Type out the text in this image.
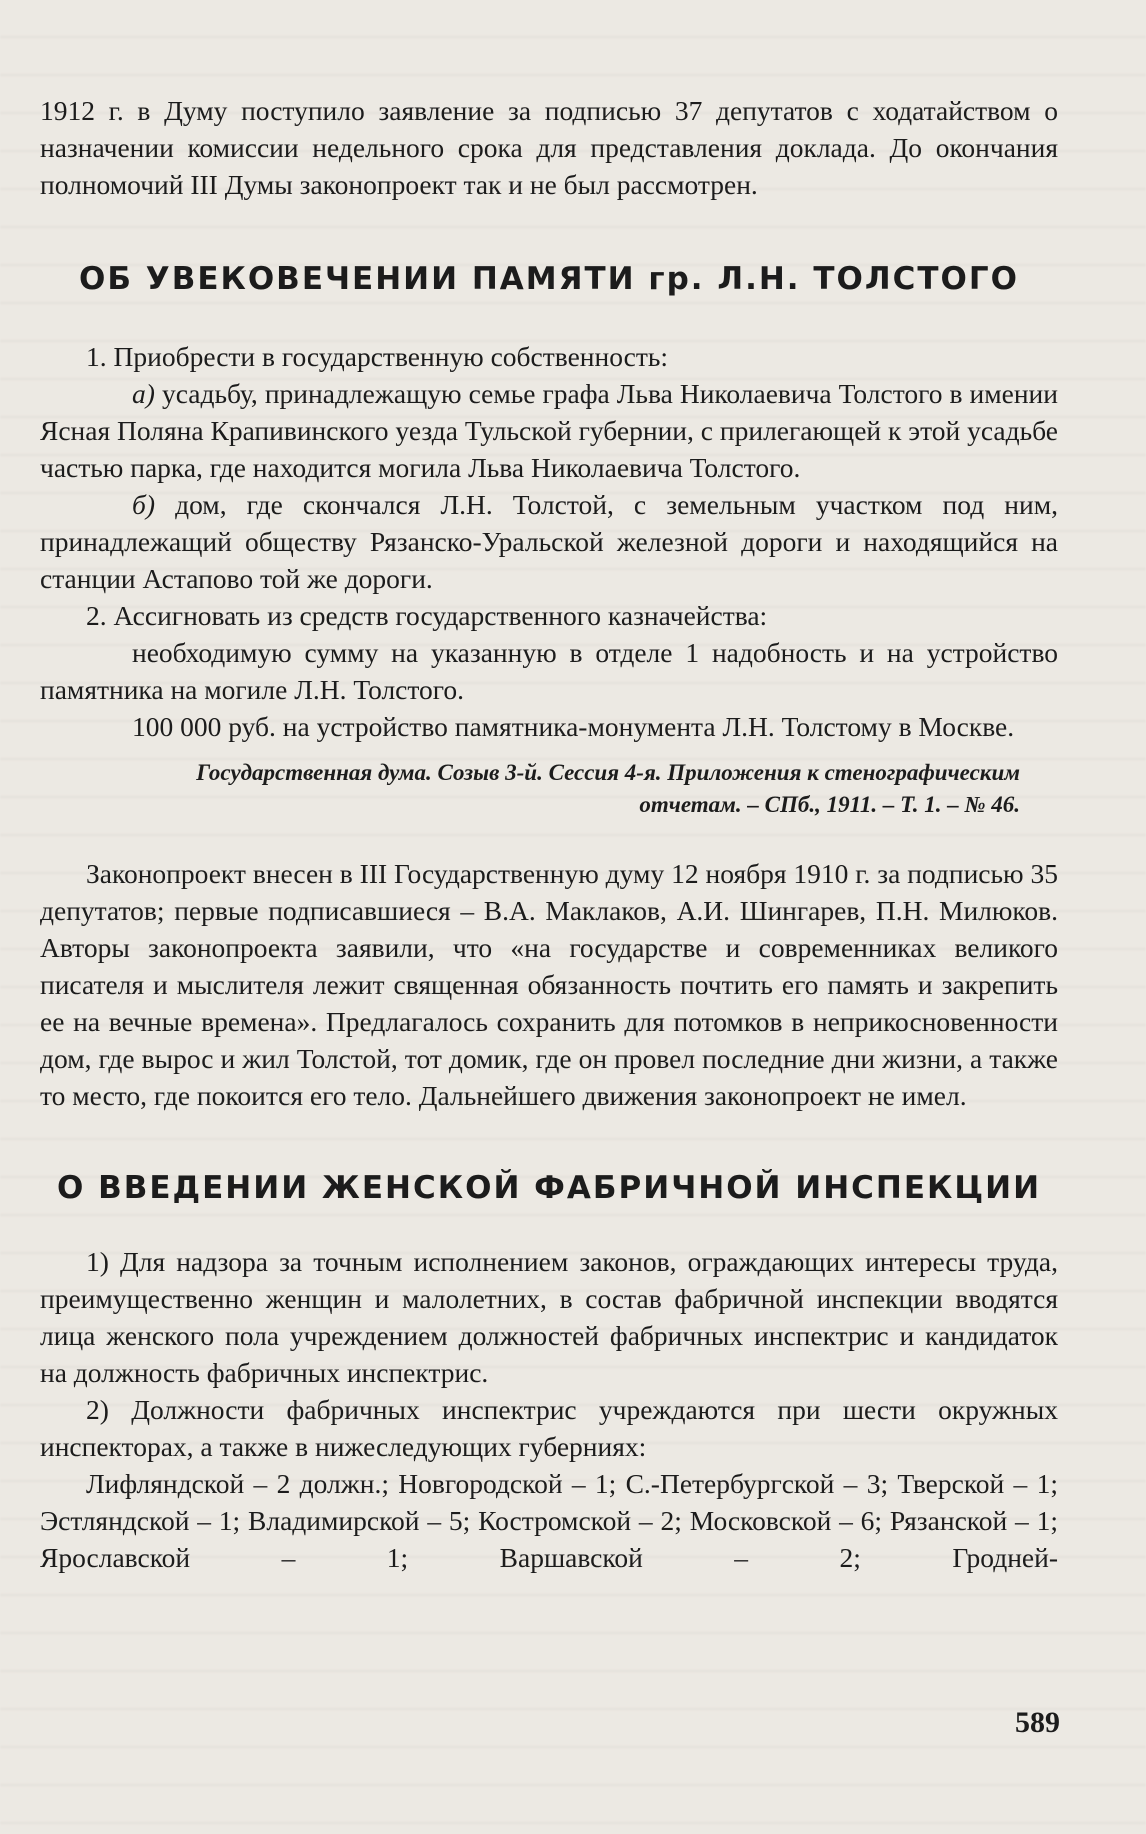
1912 г. в Думу поступило заявление за подписью 37 депутатов с ходатайством о назначении комиссии недельного срока для представления доклада. До окончания полномочий III Думы законопроект так и не был рассмотрен.

ОБ УВЕКОВЕЧЕНИИ ПАМЯТИ гр. Л.Н. ТОЛСТОГО

1. Приобрести в государственную собственность:

а) усадьбу, принадлежащую семье графа Льва Николаевича Толстого в имении Ясная Поляна Крапивинского уезда Тульской губернии, с прилегающей к этой усадьбе частью парка, где находится могила Льва Николаевича Толстого.

б) дом, где скончался Л.Н. Толстой, с земельным участком под ним, принадлежащий обществу Рязанско-Уральской железной дороги и находящийся на станции Астапово той же дороги.

2. Ассигновать из средств государственного казначейства:

необходимую сумму на указанную в отделе 1 надобность и на устройство памятника на могиле Л.Н. Толстого.

100 000 руб. на устройство памятника-монумента Л.Н. Толстому в Москве.

Государственная дума. Созыв 3-й. Сессия 4-я. Приложения к стенографическим
отчетам. – СПб., 1911. – Т. 1. – № 46.

Законопроект внесен в III Государственную думу 12 ноября 1910 г. за подписью 35 депутатов; первые подписавшиеся – В.А. Маклаков, А.И. Шингарев, П.Н. Милюков. Авторы законопроекта заявили, что «на государстве и современниках великого писателя и мыслителя лежит священная обязанность почтить его память и закрепить ее на вечные времена». Предлагалось сохранить для потомков в неприкосновенности дом, где вырос и жил Толстой, тот домик, где он провел последние дни жизни, а также то место, где покоится его тело. Дальнейшего движения законопроект не имел.

О ВВЕДЕНИИ ЖЕНСКОЙ ФАБРИЧНОЙ ИНСПЕКЦИИ

1) Для надзора за точным исполнением законов, ограждающих интересы труда, преимущественно женщин и малолетних, в состав фабричной инспекции вводятся лица женского пола учреждением должностей фабричных инспектрис и кандидаток на должность фабричных инспектрис.

2) Должности фабричных инспектрис учреждаются при шести окружных инспекторах, а также в нижеследующих губерниях:

Лифляндской – 2 должн.; Новгородской – 1; С.-Петербургской – 3; Тверской – 1; Эстляндской – 1; Владимирской – 5; Костромской – 2; Московской – 6; Рязанской – 1; Ярославской – 1; Варшавской – 2; Гродней-

589
